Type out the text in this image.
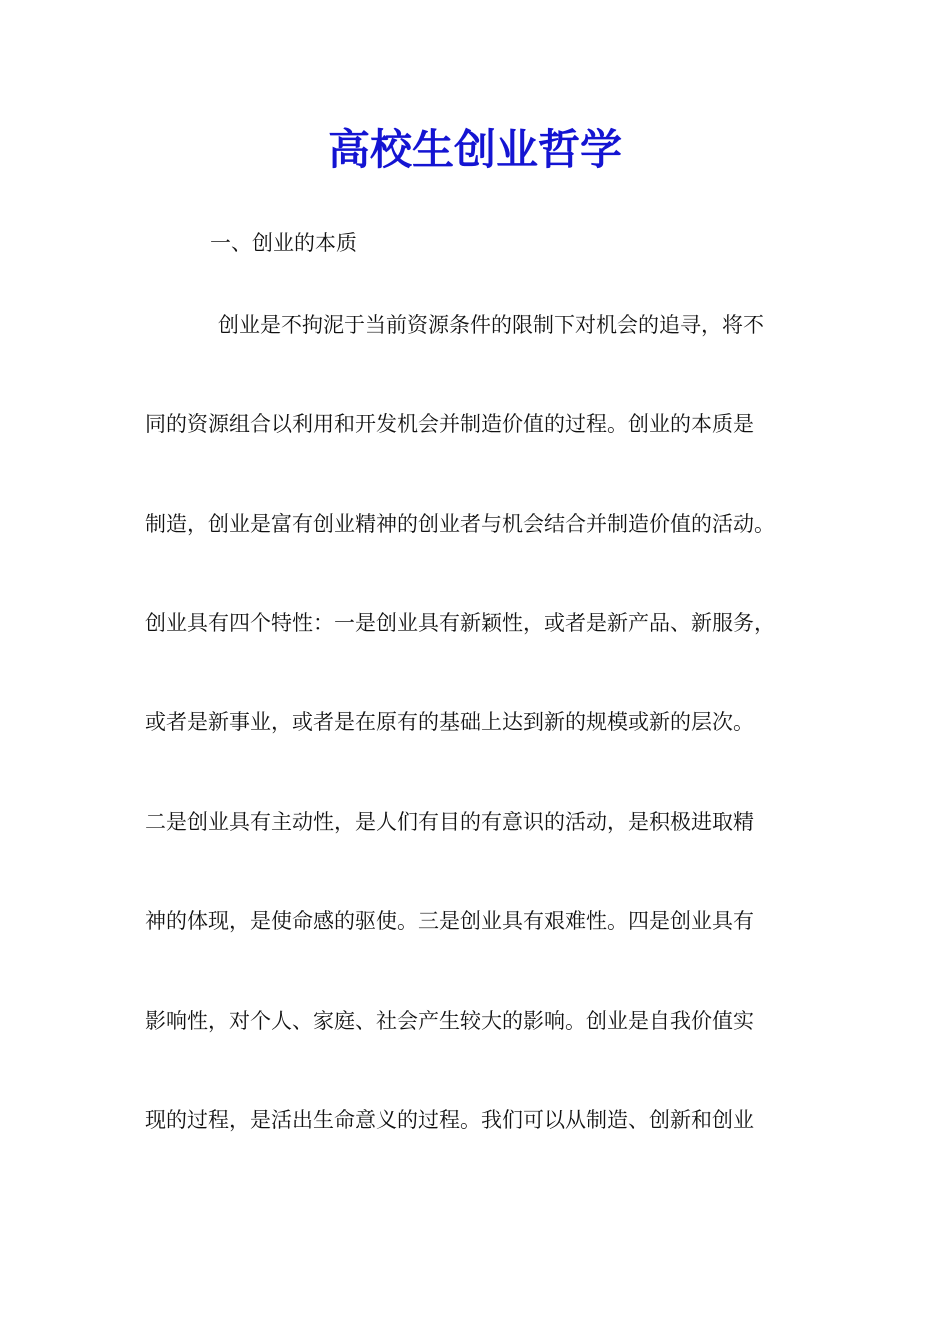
高校生创业哲学
一、创业的本质
创业是不拘泥于当前资源条件的限制下对机会的追寻，将不
同的资源组合以利用和开发机会并制造价值的过程。创业的本质是
制造，创业是富有创业精神的创业者与机会结合并制造价值的活动。
创业具有四个特性：一是创业具有新颖性，或者是新产品、新服务，
或者是新事业，或者是在原有的基础上达到新的规模或新的层次。
二是创业具有主动性，是人们有目的有意识的活动，是积极进取精
神的体现，是使命感的驱使。三是创业具有艰难性。四是创业具有
影响性，对个人、家庭、社会产生较大的影响。创业是自我价值实
现的过程，是活出生命意义的过程。我们可以从制造、创新和创业
